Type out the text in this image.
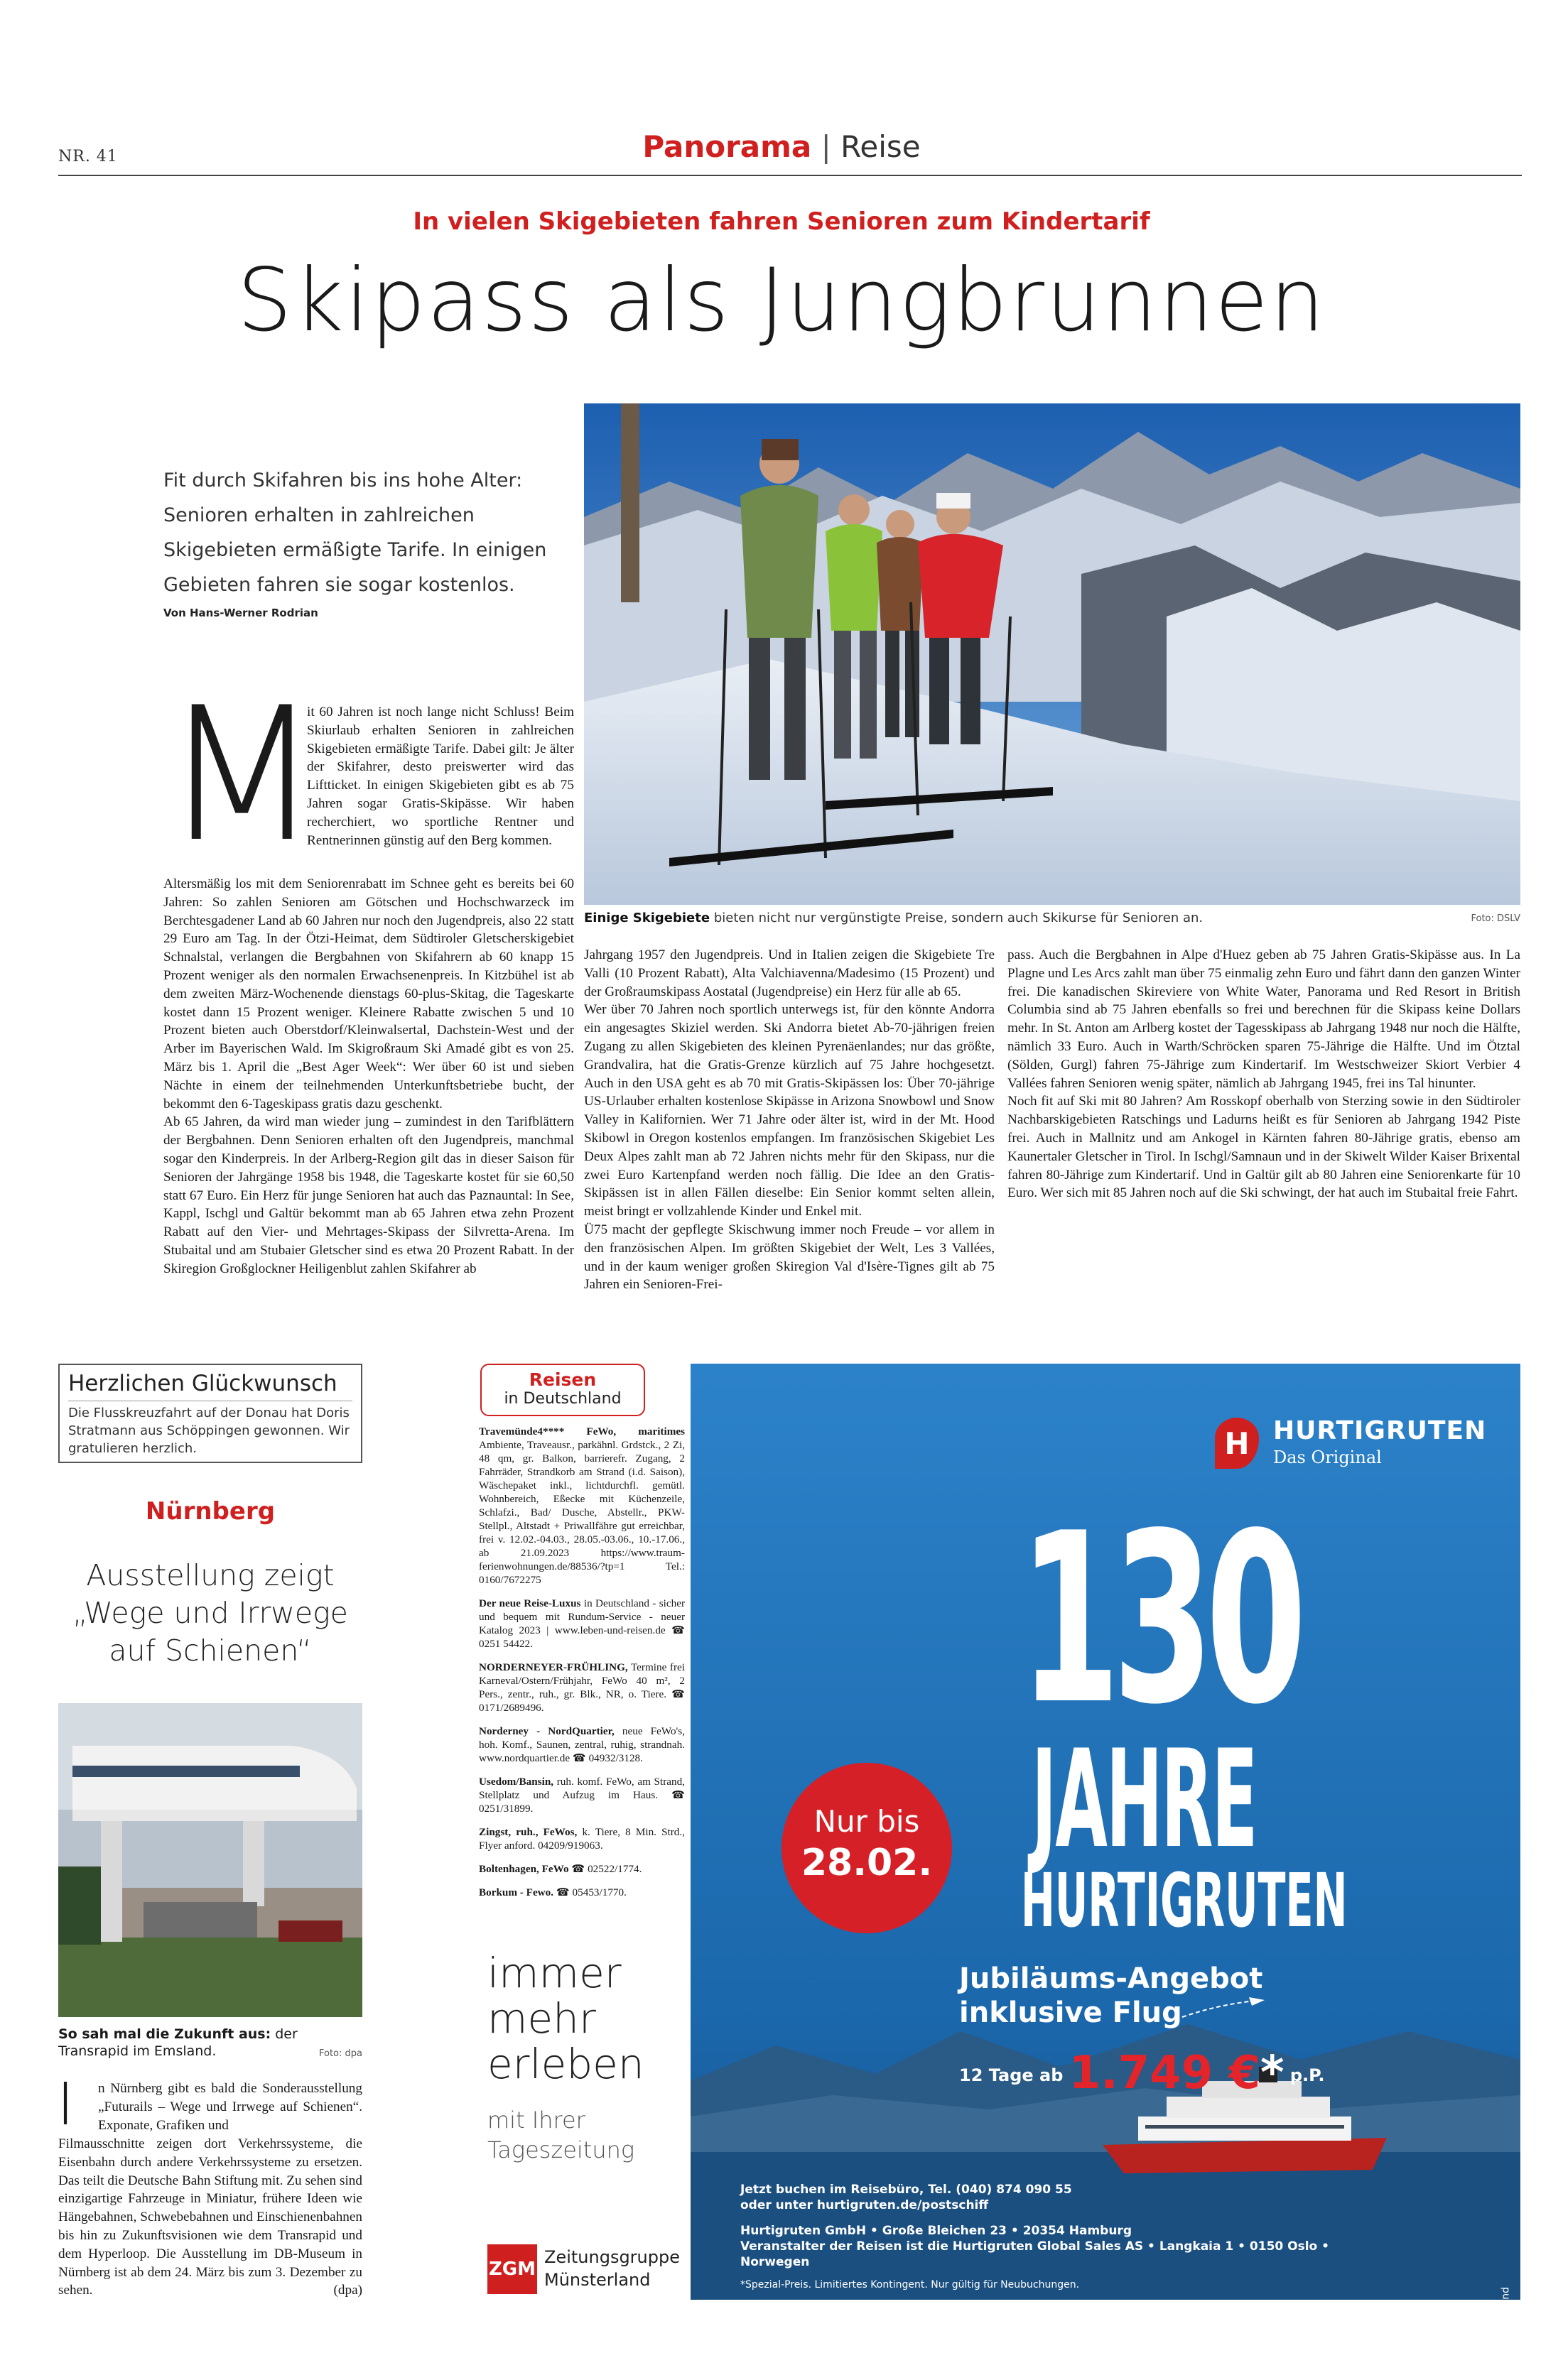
NR. 41	Panorama | Reise
In vielen Skigebieten fahren Senioren zum Kindertarif
Skipass als Jungbrunnen
Fit durch Skifahren bis ins hohe Alter: Senioren erhalten in zahlreichen Skigebieten ermäßigte Tarife. In einigen Gebieten fahren sie sogar kostenlos.
Von Hans-Werner Rodrian
Einige Skigebiete bieten nicht nur vergünstigte Preise, sondern auch Skikurse für Senioren an.	Foto: DSLV
M
it 60 Jahren ist noch lange nicht Schluss! Beim Skiurlaub erhalten Senioren in zahlreichen Skigebieten ermäßigte Tarife. Dabei gilt: Je älter der Skifahrer, desto preiswerter wird das Liftticket. In einigen Skigebieten gibt es ab 75 Jahren sogar Gratis-Skipässe. Wir haben recherchiert, wo sportliche Rentner und Rentnerinnen günstig auf den Berg kommen.
Altersmäßig los mit dem Seniorenrabatt im Schnee geht es bereits bei 60 Jahren: So zahlen Senioren am Götschen und Hochschwarzeck im Berchtesgadener Land ab 60 Jahren nur noch den Jugendpreis, also 22 statt 29 Euro am Tag. In der Ötzi-Heimat, dem Südtiroler Gletscherskigebiet Schnalstal, verlangen die Bergbahnen von Skifahrern ab 60 knapp 15 Prozent weniger als den normalen Erwachsenenpreis. In Kitzbühel ist ab dem zweiten März-Wochenende dienstags 60-plus-Skitag, die Tageskarte kostet dann 15 Prozent weniger. Kleinere Rabatte zwischen 5 und 10 Prozent bieten auch Oberstdorf/Kleinwalsertal, Dachstein-West und der Arber im Bayerischen Wald. Im Skigroßraum Ski Amadé gibt es von 25. März bis 1. April die „Best Ager Week“: Wer über 60 ist und sieben Nächte in einem der teilnehmenden Unterkunftsbetriebe bucht, der bekommt den 6-Tageskipass gratis dazu geschenkt.
Ab 65 Jahren, da wird man wieder jung – zumindest in den Tarifblättern der Bergbahnen. Denn Senioren erhalten oft den Jugendpreis, manchmal sogar den Kinderpreis. In der Arlberg-Region gilt das in dieser Saison für Senioren der Jahrgänge 1958 bis 1948, die Tageskarte kostet für sie 60,50 statt 67 Euro. Ein Herz für junge Senioren hat auch das Paznauntal: In See, Kappl, Ischgl und Galtür bekommt man ab 65 Jahren etwa zehn Prozent Rabatt auf den Vier- und Mehrtages-Skipass der Silvretta-Arena. Im Stubaital und am Stubaier Gletscher sind es etwa 20 Prozent Rabatt. In der Skiregion Großglockner Heiligenblut zahlen Skifahrer ab
Jahrgang 1957 den Jugendpreis. Und in Italien zeigen die Skigebiete Tre Valli (10 Prozent Rabatt), Alta Valchiavenna/Madesimo (15 Prozent) und der Großraumskipass Aostatal (Jugendpreise) ein Herz für alle ab 65.
Wer über 70 Jahren noch sportlich unterwegs ist, für den könnte Andorra ein angesagtes Skiziel werden. Ski Andorra bietet Ab-70-jährigen freien Zugang zu allen Skigebieten des kleinen Pyrenäenlandes; nur das größte, Grandvalira, hat die Gratis-Grenze kürzlich auf 75 Jahre hochgesetzt. Auch in den USA geht es ab 70 mit Gratis-Skipässen los: Über 70-jährige US-Urlauber erhalten kostenlose Skipässe in Arizona Snowbowl und Snow Valley in Kalifornien. Wer 71 Jahre oder älter ist, wird in der Mt. Hood Skibowl in Oregon kostenlos empfangen. Im französischen Skigebiet Les Deux Alpes zahlt man ab 72 Jahren nichts mehr für den Skipass, nur die zwei Euro Kartenpfand werden noch fällig. Die Idee an den Gratis-Skipässen ist in allen Fällen dieselbe: Ein Senior kommt selten allein, meist bringt er vollzahlende Kinder und Enkel mit.
Ü75 macht der gepflegte Skischwung immer noch Freude – vor allem in den französischen Alpen. Im größten Skigebiet der Welt, Les 3 Vallées, und in der kaum weniger großen Skiregion Val d'Isère-Tignes gilt ab 75 Jahren ein Senioren-Frei-
pass. Auch die Bergbahnen in Alpe d'Huez geben ab 75 Jahren Gratis-Skipässe aus. In La Plagne und Les Arcs zahlt man über 75 einmalig zehn Euro und fährt dann den ganzen Winter frei. Die kanadischen Skireviere von White Water, Panorama und Red Resort in British Columbia sind ab 75 Jahren ebenfalls so frei und berechnen für die Skipass keine Dollars mehr. In St. Anton am Arlberg kostet der Tagesskipass ab Jahrgang 1948 nur noch die Hälfte, nämlich 33 Euro. Auch in Warth/Schröcken sparen 75-Jährige die Hälfte. Und im Ötztal (Sölden, Gurgl) fahren 75-Jährige zum Kindertarif. Im Westschweizer Skiort Verbier 4 Vallées fahren Senioren wenig später, nämlich ab Jahrgang 1945, frei ins Tal hinunter.
Noch fit auf Ski mit 80 Jahren? Am Rosskopf oberhalb von Sterzing sowie in den Südtiroler Nachbarskigebieten Ratschings und Ladurns heißt es für Senioren ab Jahrgang 1942 Piste frei. Auch in Mallnitz und am Ankogel in Kärnten fahren 80-Jährige gratis, ebenso am Kaunertaler Gletscher in Tirol. In Ischgl/Samnaun und in der Skiwelt Wilder Kaiser Brixental fahren 80-Jährige zum Kindertarif. Und in Galtür gilt ab 80 Jahren eine Seniorenkarte für 10 Euro. Wer sich mit 85 Jahren noch auf die Ski schwingt, der hat auch im Stubaital freie Fahrt.
Herzlichen Glückwunsch
Die Flusskreuzfahrt auf der Donau hat Doris Stratmann aus Schöppingen gewonnen. Wir gratulieren herzlich.
Nürnberg
Ausstellung zeigt „Wege und Irrwege auf Schienen“
So sah mal die Zukunft aus: der Transrapid im Emsland.	Foto: dpa
I n Nürnberg gibt es bald die Sonderausstellung „Futurails – Wege und Irrwege auf Schienen“. Exponate, Grafiken und
Filmausschnitte zeigen dort Verkehrssysteme, die Eisenbahn durch andere Verkehrssysteme zu ersetzen. Das teilt die Deutsche Bahn Stiftung mit. Zu sehen sind einzigartige Fahrzeuge in Miniatur, frühere Ideen wie Hängebahnen, Schwebebahnen und Einschienenbahnen bis hin zu Zukunftsvisionen wie dem Transrapid und dem Hyperloop. Die Ausstellung im DB-Museum in Nürnberg ist ab dem 24. März bis zum 3. Dezember zu sehen.	(dpa)
Reisen
in Deutschland
Travemünde4**** FeWo, maritimes Ambiente, Traveausr., parkähnl. Grdstck., 2 Zi, 48 qm, gr. Balkon, barrierefr. Zugang, 2 Fahrräder, Strandkorb am Strand (i.d. Saison), Wäschepaket inkl., lichtdurchfl. gemütl. Wohnbereich, Eßecke mit Küchenzeile, Schlafzi., Bad/ Dusche, Abstellr., PKW-Stellpl., Altstadt + Priwallfähre gut erreichbar, frei v. 12.02.-04.03., 28.05.-03.06., 10.-17.06., ab 21.09.2023 https://www.traum-ferienwohnungen.de/88536/?tp=1 Tel.: 0160/7672275
Der neue Reise-Luxus in Deutschland - sicher und bequem mit Rundum-Service - neuer Katalog 2023 | www.leben-und-reisen.de ☎ 0251 54422.
NORDERNEYER-FRÜHLING, Termine frei Karneval/Ostern/Frühjahr, FeWo 40 m², 2 Pers., zentr., ruh., gr. Blk., NR, o. Tiere. ☎ 0171/2689496.
Norderney - NordQuartier, neue FeWo's, hoh. Komf., Saunen, zentral, ruhig, strandnah. www.nordquartier.de ☎ 04932/3128.
Usedom/Bansin, ruh. komf. FeWo, am Strand, Stellplatz und Aufzug im Haus. ☎ 0251/31899.
Zingst, ruh., FeWos, k. Tiere, 8 Min. Strd., Flyer anford. 04209/919063.
Boltenhagen, FeWo ☎ 02522/1774.
Borkum - Fewo. ☎ 05453/1770.
immer mehr erleben
mit Ihrer Tageszeitung
ZGM
Zeitungsgruppe Münsterland
H HURTIGRUTEN
Das Original
130
JAHRE
HURTIGRUTEN
Nur bis
28.02.
Jubiläums-Angebot
inklusive Flug
12 Tage ab 1.749 €* p.P.
Jetzt buchen im Reisebüro, Tel. (040) 874 090 55
oder unter hurtigruten.de/postschiff
Hurtigruten GmbH • Große Bleichen 23 • 20354 Hamburg
Veranstalter der Reisen ist die Hurtigruten Global Sales AS • Langkaia 1 • 0150 Oslo • Norwegen
*Spezial-Preis. Limitiertes Kontingent. Nur gültig für Neubuchungen.
©Helge Grimsland
